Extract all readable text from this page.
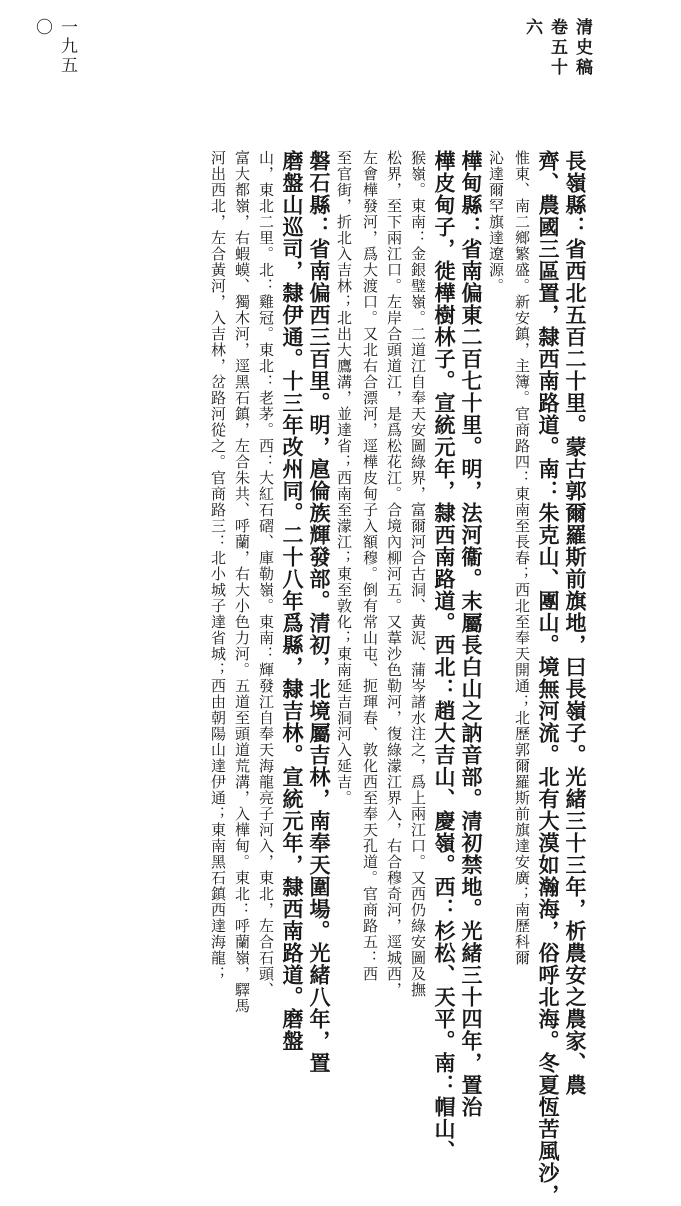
清史稿卷五十六
一九五〇
長嶺縣：省西北五百二十里。蒙古郭爾羅斯前旗地，曰長嶺子。光緒三十三年，析農安之農家、農齊、農國三區置，隸西南路道。南：朱克山、團山。境無河流。北有大漠如瀚海，俗呼北海。冬夏恆苦風沙，惟東、南二鄉繁盛。新安鎮，主簿。官商路四：東南至長春；西北至奉天開通；北歷郭爾羅斯前旗達安廣；南歷科爾沁達爾罕旗達遼源。樺甸縣：省南偏東二百七十里。明，法河衞。末屬長白山之訥音部。清初禁地。光緒三十四年，置治樺皮甸子，徙樺樹林子。宣統元年，隸西南路道。西北：趙大吉山、慶嶺。西：杉松、天平。南：帽山、猴嶺。東南：金銀璧嶺。二道江自奉天安圖綠界，富爾河合古洞、黃泥、蒲岑諸水注之，爲上兩江口。又西仍綠安圖及撫松界，至下兩江口。左岸合頭道江，是爲松花江。合境內柳河五。又葦沙色勒河，復綠濛江界入，右合穆奇河，逕城西，左會樺發河，爲大渡口。又北右合漂河，逕樺皮甸子入額穆。倒有常山屯、扼琿春、敦化西至奉天孔道。官商路五：西至官街，折北入吉林；北出大鷹溝，並達省；西南至濛江；東至敦化；東南延吉洞河入延吉。磐石縣：省南偏西三百里。明，扈倫族輝發部。清初，北境屬吉林，南奉天圍場。光緒八年，置磨盤山巡司，隸伊通。十三年改州同。二十八年爲縣，隸吉林。宣統元年，隸西南路道。磨盤山，東北二里。北：雞冠。東北：老茅。西：大紅石磖、庫勒嶺。東南：輝發江自奉天海龍亮子河入，東北，左合石頭、富大都嶺，右蝦蟆、獨木河，逕黑石鎮，左合朱共、呼蘭，右大小色力河。五道至頭道荒溝，入樺甸。東北：呼蘭嶺，驛馬河出西北，左合黃河，入吉林，岔路河從之。官商路三：北小城子達省城；西由朝陽山達伊通；東南黑石鎮西達海龍；
